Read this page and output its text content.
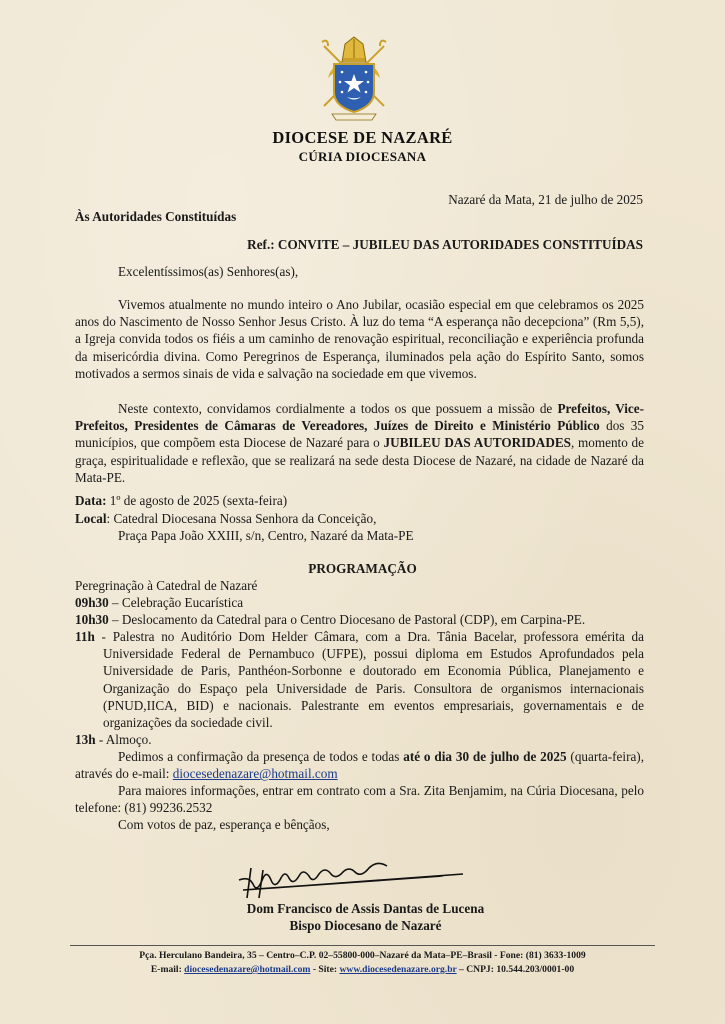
DIOCESE DE NAZARÉ
CÚRIA DIOCESANA
Nazaré da Mata, 21 de julho de 2025
Às Autoridades Constituídas
Ref.: CONVITE – JUBILEU DAS AUTORIDADES CONSTITUÍDAS
Excelentíssimos(as) Senhores(as),
Vivemos atualmente no mundo inteiro o Ano Jubilar, ocasião especial em que celebramos os 2025 anos do Nascimento de Nosso Senhor Jesus Cristo. À luz do tema “A esperança não decepciona” (Rm 5,5), a Igreja convida todos os fiéis a um caminho de renovação espiritual, reconciliação e experiência profunda da misericórdia divina. Como Peregrinos de Esperança, iluminados pela ação do Espírito Santo, somos motivados a sermos sinais de vida e salvação na sociedade em que vivemos.
Neste contexto, convidamos cordialmente a todos os que possuem a missão de Prefeitos, Vice-Prefeitos, Presidentes de Câmaras de Vereadores, Juízes de Direito e Ministério Público dos 35 municípios, que compõem esta Diocese de Nazaré para o JUBILEU DAS AUTORIDADES, momento de graça, espiritualidade e reflexão, que se realizará na sede desta Diocese de Nazaré, na cidade de Nazaré da Mata-PE.
Data: 1º de agosto de 2025 (sexta-feira)
Local: Catedral Diocesana Nossa Senhora da Conceição,
Praça Papa João XXIII, s/n, Centro, Nazaré da Mata-PE
PROGRAMAÇÃO
Peregrinação à Catedral de Nazaré
09h30 – Celebração Eucarística
10h30 – Deslocamento da Catedral para o Centro Diocesano de Pastoral (CDP), em Carpina-PE.
11h - Palestra no Auditório Dom Helder Câmara, com a Dra. Tânia Bacelar, professora emérita da Universidade Federal de Pernambuco (UFPE), possui diploma em Estudos Aprofundados pela Universidade de Paris, Panthéon-Sorbonne e doutorado em Economia Pública, Planejamento e Organização do Espaço pela Universidade de Paris. Consultora de organismos internacionais (PNUD,IICA, BID) e nacionais. Palestrante em eventos empresariais, governamentais e de organizações da sociedade civil.
13h - Almoço.
Pedimos a confirmação da presença de todos e todas até o dia 30 de julho de 2025 (quarta-feira), através do e-mail: diocesedenazare@hotmail.com
Para maiores informações, entrar em contrato com a Sra. Zita Benjamim, na Cúria Diocesana, pelo telefone: (81) 99236.2532
Com votos de paz, esperança e bênçãos,
Dom Francisco de Assis Dantas de Lucena
Bispo Diocesano de Nazaré
Pça. Herculano Bandeira, 35 – Centro–C.P. 02–55800-000–Nazaré da Mata–PE–Brasil - Fone: (81) 3633-1009
E-mail: diocesedenazare@hotmail.com - Site: www.diocesedenazare.org.br – CNPJ: 10.544.203/0001-00
